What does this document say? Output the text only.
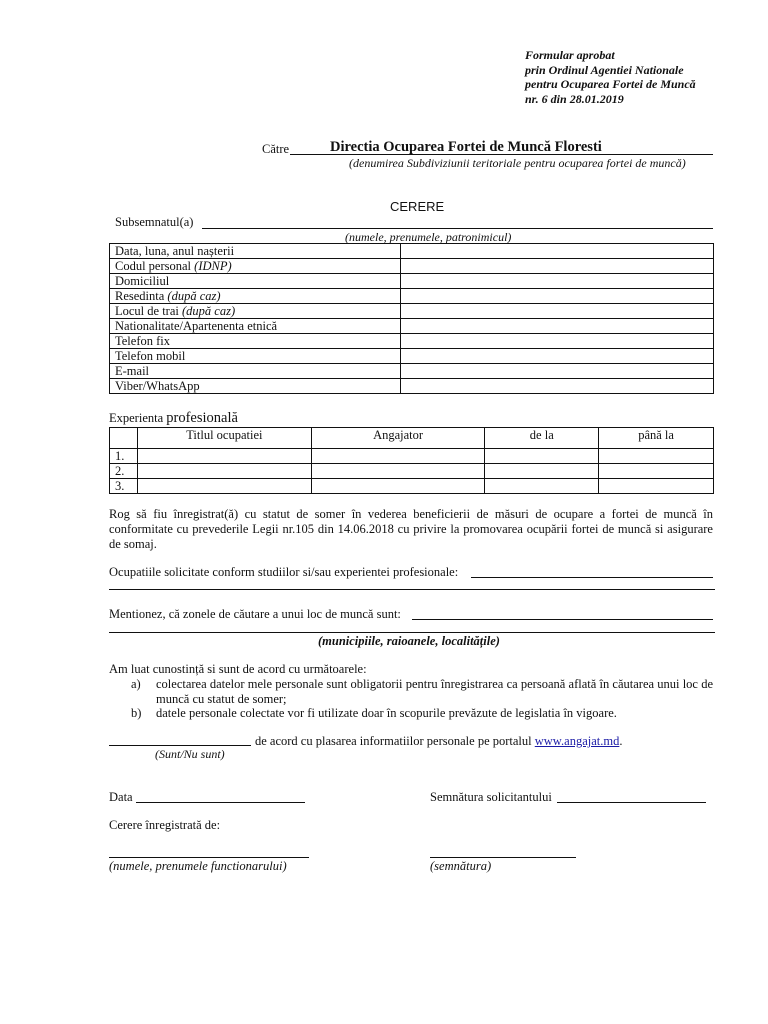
Formular aprobat
prin Ordinul Agentiei Nationale
pentru Ocuparea Fortei de Muncă
nr. 6 din 28.01.2019
Către	Directia Ocuparea Fortei de Muncă Floresti
(denumirea Subdiviziunii teritoriale pentru ocuparea fortei de muncă)
CERERE
Subsemnatul(a)
(numele, prenumele, patronimicul)
Data, luna, anul nașterii	
Codul personal (IDNP)	
Domiciliul	
Resedinta (după caz)	
Locul de trai (după caz)	
Nationalitate/Apartenenta etnică	
Telefon fix	
Telefon mobil	
E-mail	
Viber/WhatsApp	
Experienta profesională
	Titlul ocupatiei	Angajator	de la	până la
1.				
2.				
3.				
Rog să fiu înregistrat(ă) cu statut de somer în vederea beneficierii de măsuri de ocupare a fortei de muncă în conformitate cu prevederile Legii nr.105 din 14.06.2018 cu privire la promovarea ocupării fortei de muncă si asigurare de somaj.
Ocupatiile solicitate conform studiilor si/sau experientei profesionale:
Mentionez, că zonele de căutare a unui loc de muncă sunt:
(municipiile, raioanele, localitățile)
Am luat cunostință si sunt de acord cu următoarele:
a) colectarea datelor mele personale sunt obligatorii pentru înregistrarea ca persoană aflată în căutarea unui loc de muncă cu statut de somer;
b) datele personale colectate vor fi utilizate doar în scopurile prevăzute de legislatia în vigoare.
de acord cu plasarea informatiilor personale pe portalul www.angajat.md.
(Sunt/Nu sunt)
Data	Semnătura solicitantului
Cerere înregistrată de:
(numele, prenumele functionarului)	(semnătura)
